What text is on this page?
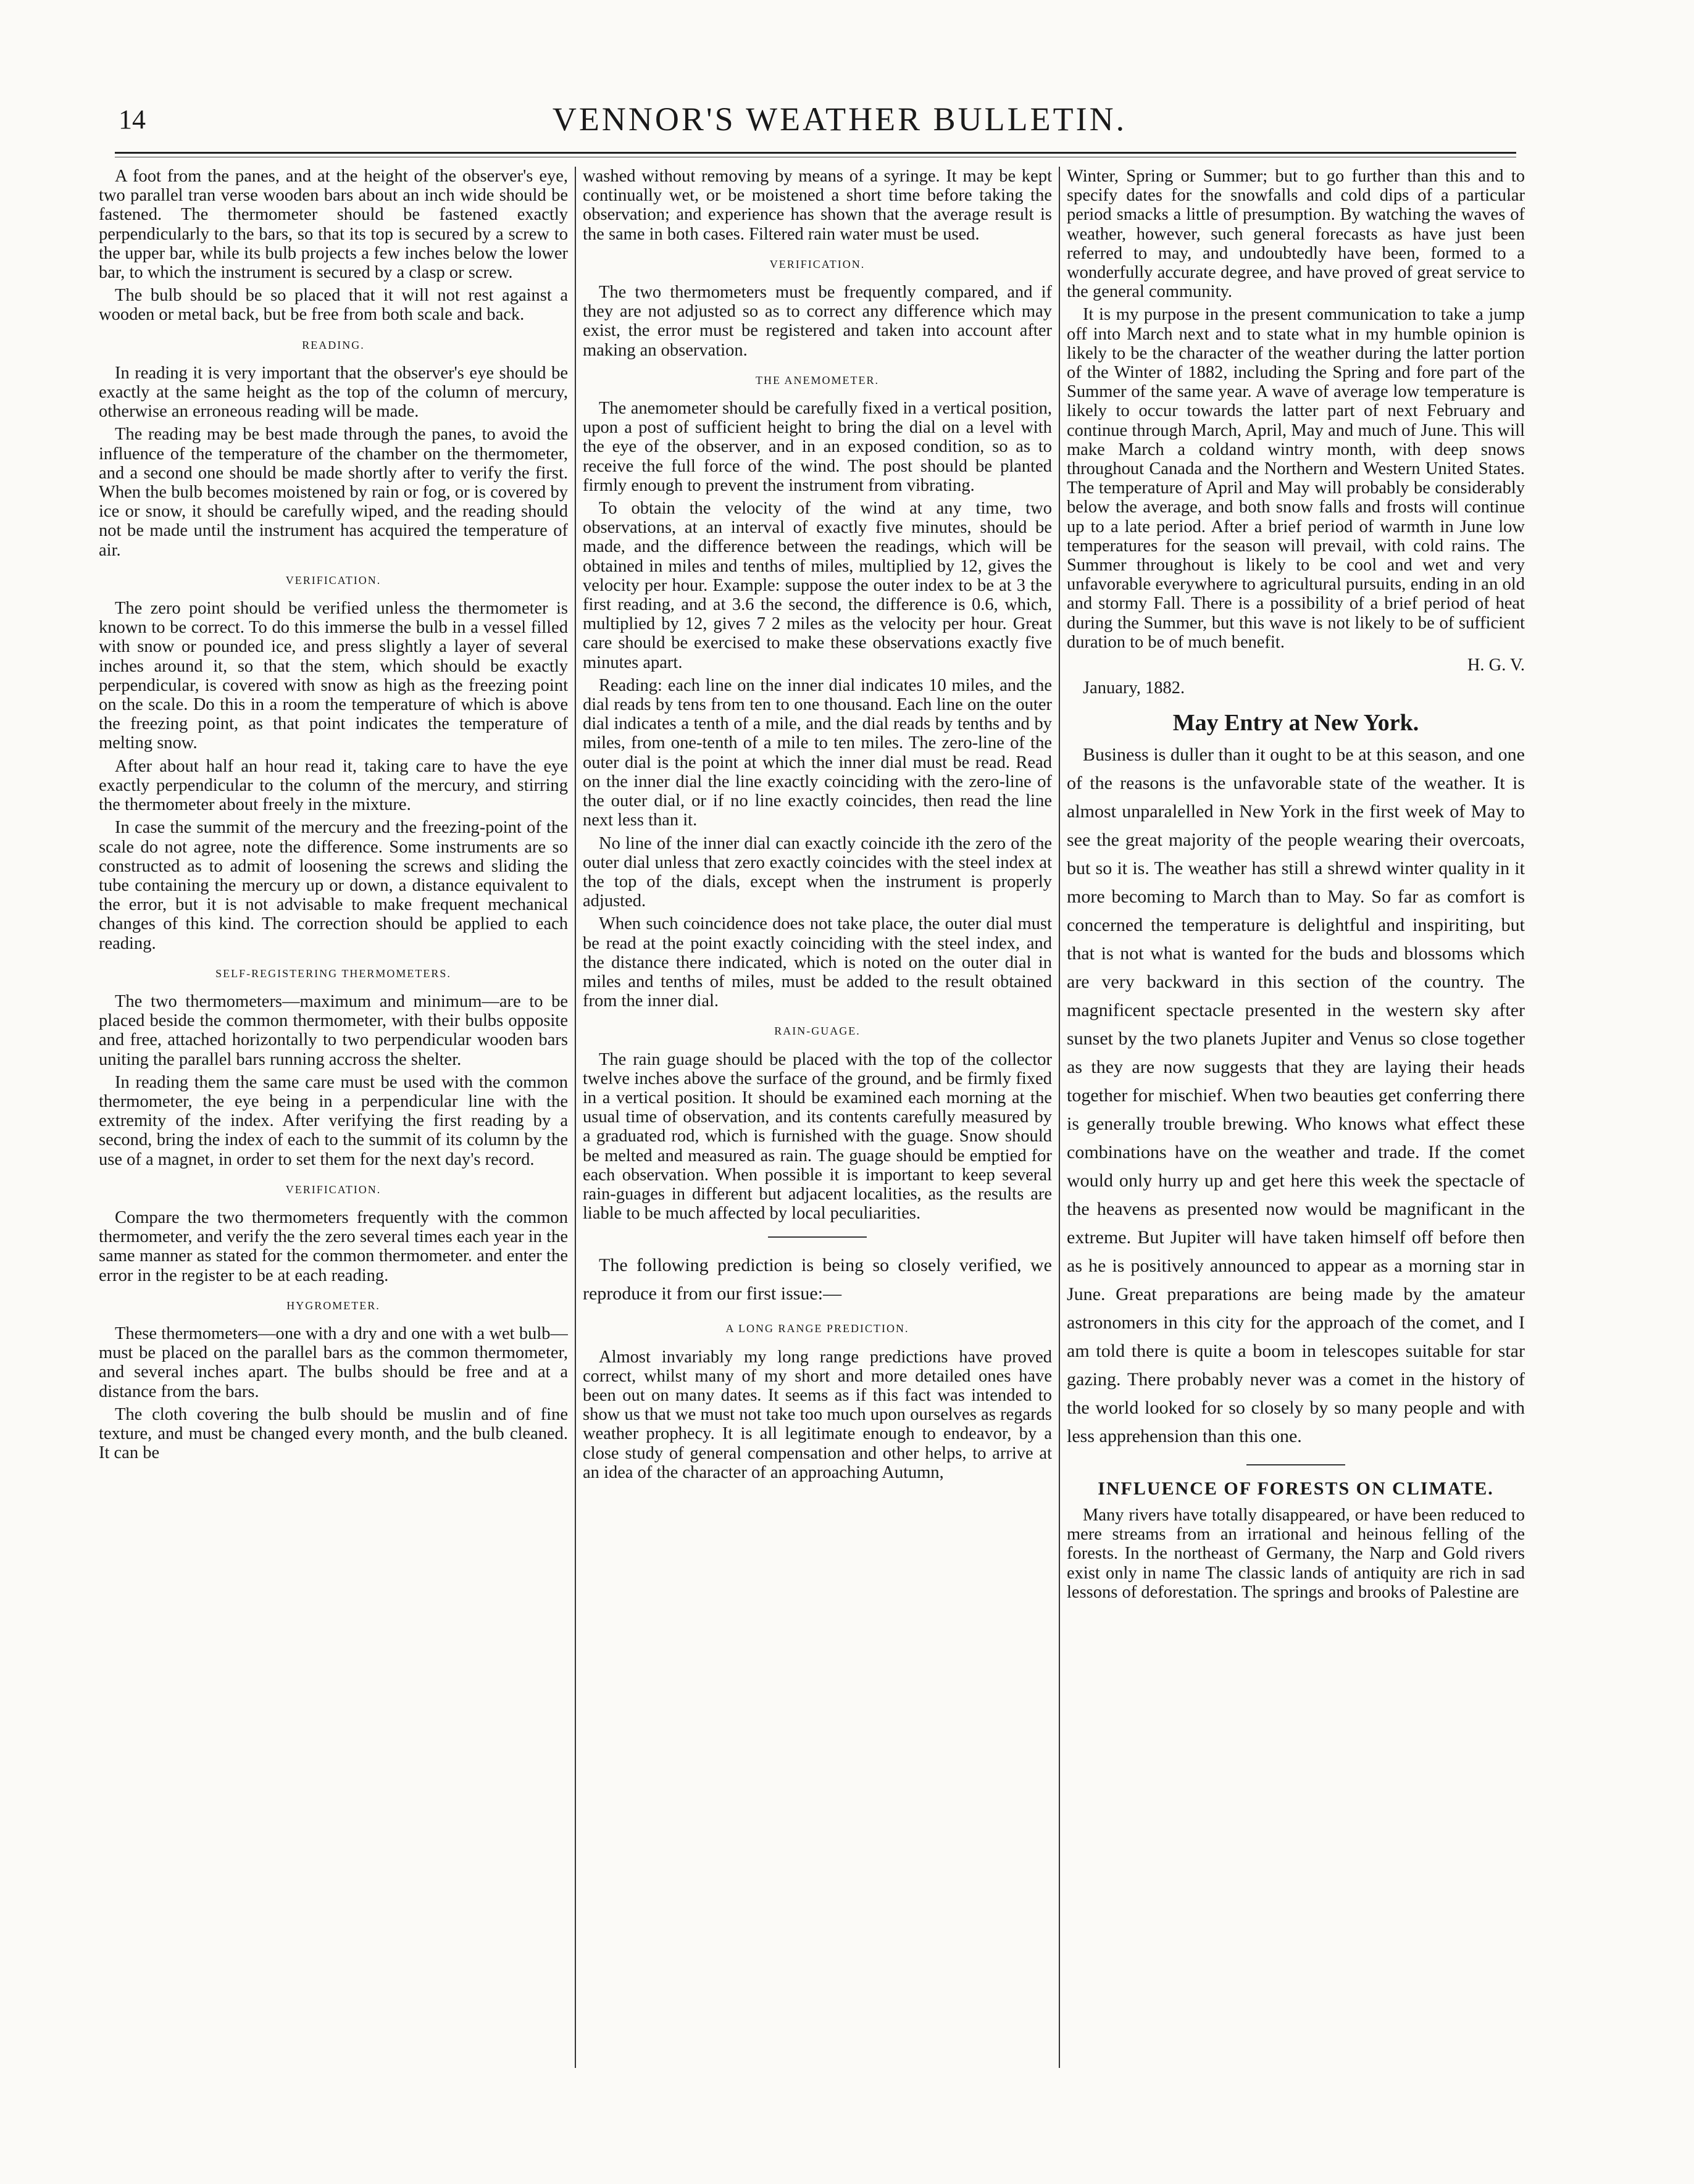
14	VENNOR'S WEATHER BULLETIN.

A foot from the panes, and at the height of the observer's eye, two parallel tran verse wooden bars about an inch wide should be fastened. The thermometer should be fastened exactly perpendicularly to the bars, so that its top is secured by a screw to the upper bar, while its bulb projects a few inches below the lower bar, to which the instrument is secured by a clasp or screw.

The bulb should be so placed that it will not rest against a wooden or metal back, but be free from both scale and back.

READING.

In reading it is very important that the observer's eye should be exactly at the same height as the top of the column of mercury, otherwise an erroneous reading will be made.

The reading may be best made through the panes, to avoid the influence of the temperature of the chamber on the thermometer, and a second one should be made shortly after to verify the first. When the bulb becomes moistened by rain or fog, or is covered by ice or snow, it should be carefully wiped, and the reading should not be made until the instrument has acquired the temperature of air.

VERIFICATION.

The zero point should be verified unless the thermometer is known to be correct. To do this immerse the bulb in a vessel filled with snow or pounded ice, and press slightly a layer of several inches around it, so that the stem, which should be exactly perpendicular, is covered with snow as high as the freezing point on the scale. Do this in a room the temperature of which is above the freezing point, as that point indicates the temperature of melting snow.

After about half an hour read it, taking care to have the eye exactly perpendicular to the column of the mercury, and stirring the thermometer about freely in the mixture.

In case the summit of the mercury and the freezing-point of the scale do not agree, note the difference. Some instruments are so constructed as to admit of loosening the screws and sliding the tube containing the mercury up or down, a distance equivalent to the error, but it is not advisable to make frequent mechanical changes of this kind. The correction should be applied to each reading.

SELF-REGISTERING THERMOMETERS.

The two thermometers—maximum and minimum—are to be placed beside the common thermometer, with their bulbs opposite and free, attached horizontally to two perpendicular wooden bars uniting the parallel bars running accross the shelter.

In reading them the same care must be used with the common thermometer, the eye being in a perpendicular line with the extremity of the index. After verifying the first reading by a second, bring the index of each to the summit of its column by the use of a magnet, in order to set them for the next day's record.

VERIFICATION.

Compare the two thermometers frequently with the common thermometer, and verify the the zero several times each year in the same manner as stated for the common thermometer. and enter the error in the register to be at each reading.

HYGROMETER.

These thermometers—one with a dry and one with a wet bulb—must be placed on the parallel bars as the common thermometer, and several inches apart. The bulbs should be free and at a distance from the bars.

The cloth covering the bulb should be muslin and of fine texture, and must be changed every month, and the bulb cleaned. It can be

washed without removing by means of a syringe. It may be kept continually wet, or be moistened a short time before taking the observation; and experience has shown that the average result is the same in both cases. Filtered rain water must be used.

VERIFICATION.

The two thermometers must be frequently compared, and if they are not adjusted so as to correct any difference which may exist, the error must be registered and taken into account after making an observation.

THE ANEMOMETER.

The anemometer should be carefully fixed in a vertical position, upon a post of sufficient height to bring the dial on a level with the eye of the observer, and in an exposed condition, so as to receive the full force of the wind. The post should be planted firmly enough to prevent the instrument from vibrating.

To obtain the velocity of the wind at any time, two observations, at an interval of exactly five minutes, should be made, and the difference between the readings, which will be obtained in miles and tenths of miles, multiplied by 12, gives the velocity per hour. Example: suppose the outer index to be at 3 the first reading, and at 3.6 the second, the difference is 0.6, which, multiplied by 12, gives 7 2 miles as the velocity per hour. Great care should be exercised to make these observations exactly five minutes apart.

Reading: each line on the inner dial indicates 10 miles, and the dial reads by tens from ten to one thousand. Each line on the outer dial indicates a tenth of a mile, and the dial reads by tenths and by miles, from one-tenth of a mile to ten miles. The zero-line of the outer dial is the point at which the inner dial must be read. Read on the inner dial the line exactly coinciding with the zero-line of the outer dial, or if no line exactly coincides, then read the line next less than it.

No line of the inner dial can exactly coincide ith the zero of the outer dial unless that zero exactly coincides with the steel index at the top of the dials, except when the instrument is properly adjusted.

When such coincidence does not take place, the outer dial must be read at the point exactly coinciding with the steel index, and the distance there indicated, which is noted on the outer dial in miles and tenths of miles, must be added to the result obtained from the inner dial.

RAIN-GUAGE.

The rain guage should be placed with the top of the collector twelve inches above the surface of the ground, and be firmly fixed in a vertical position. It should be examined each morning at the usual time of observation, and its contents carefully measured by a graduated rod, which is furnished with the guage. Snow should be melted and measured as rain. The guage should be emptied for each observation. When possible it is important to keep several rain-guages in different but adjacent localities, as the results are liable to be much affected by local peculiarities.

The following prediction is being so closely verified, we reproduce it from our first issue:—

A LONG RANGE PREDICTION.

Almost invariably my long range predictions have proved correct, whilst many of my short and more detailed ones have been out on many dates. It seems as if this fact was intended to show us that we must not take too much upon ourselves as regards weather prophecy. It is all legitimate enough to endeavor, by a close study of general compensation and other helps, to arrive at an idea of the character of an approaching Autumn,

Winter, Spring or Summer; but to go further than this and to specify dates for the snowfalls and cold dips of a particular period smacks a little of presumption. By watching the waves of weather, however, such general forecasts as have just been referred to may, and undoubtedly have been, formed to a wonderfully accurate degree, and have proved of great service to the general community.

It is my purpose in the present communication to take a jump off into March next and to state what in my humble opinion is likely to be the character of the weather during the latter portion of the Winter of 1882, including the Spring and fore part of the Summer of the same year. A wave of average low temperature is likely to occur towards the latter part of next February and continue through March, April, May and much of June. This will make March a coldand wintry month, with deep snows throughout Canada and the Northern and Western United States. The temperature of April and May will probably be considerably below the average, and both snow falls and frosts will continue up to a late period. After a brief period of warmth in June low temperatures for the season will prevail, with cold rains. The Summer throughout is likely to be cool and wet and very unfavorable everywhere to agricultural pursuits, ending in an old and stormy Fall. There is a possibility of a brief period of heat during the Summer, but this wave is not likely to be of sufficient duration to be of much benefit.

H. G. V.

January, 1882.

May Entry at New York.

Business is duller than it ought to be at this season, and one of the reasons is the unfavorable state of the weather. It is almost unparalelled in New York in the first week of May to see the great majority of the people wearing their overcoats, but so it is. The weather has still a shrewd winter quality in it more becoming to March than to May. So far as comfort is concerned the temperature is delightful and inspiriting, but that is not what is wanted for the buds and blossoms which are very backward in this section of the country. The magnificent spectacle presented in the western sky after sunset by the two planets Jupiter and Venus so close together as they are now suggests that they are laying their heads together for mischief. When two beauties get conferring there is generally trouble brewing. Who knows what effect these combinations have on the weather and trade. If the comet would only hurry up and get here this week the spectacle of the heavens as presented now would be magnificant in the extreme. But Jupiter will have taken himself off before then as he is positively announced to appear as a morning star in June. Great preparations are being made by the amateur astronomers in this city for the approach of the comet, and I am told there is quite a boom in telescopes suitable for star gazing. There probably never was a comet in the history of the world looked for so closely by so many people and with less apprehension than this one.

INFLUENCE OF FORESTS ON CLIMATE.

Many rivers have totally disappeared, or have been reduced to mere streams from an irrational and heinous felling of the forests. In the northeast of Germany, the Narp and Gold rivers exist only in name The classic lands of antiquity are rich in sad lessons of deforestation. The springs and brooks of Palestine are
